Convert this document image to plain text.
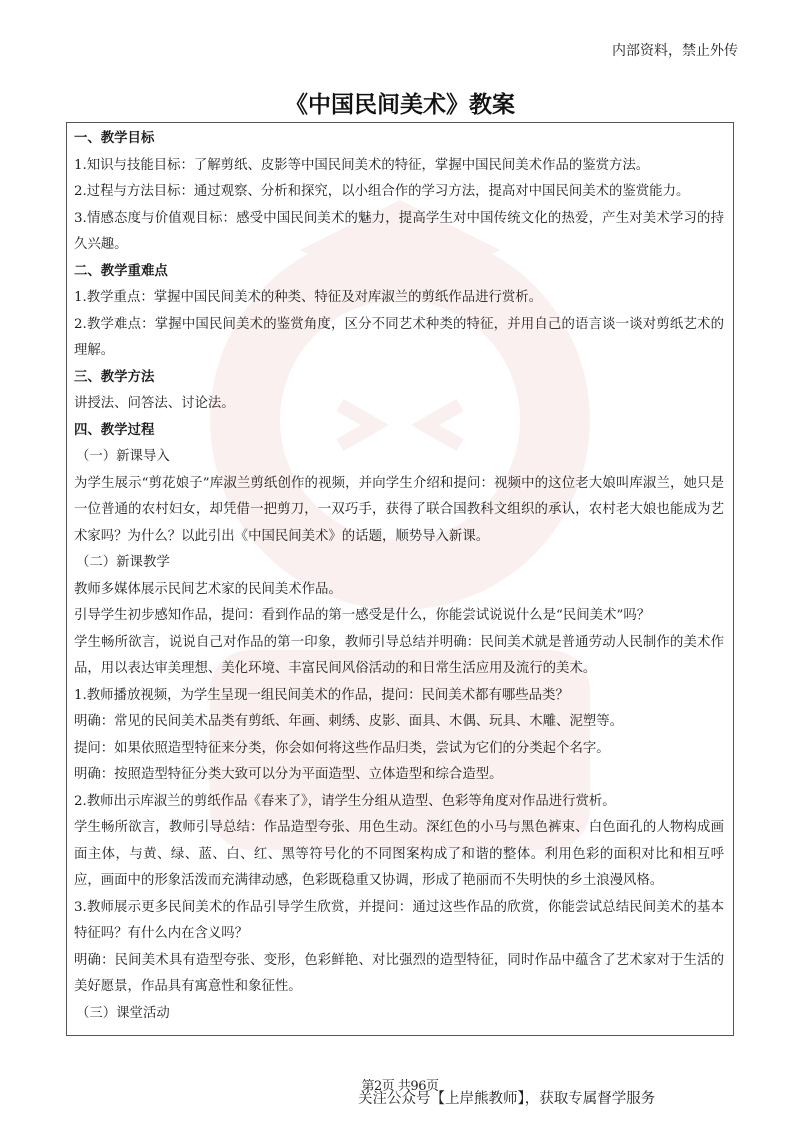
内部资料，禁止外传
《中国民间美术》教案

一、教学目标

1.知识与技能目标：了解剪纸、皮影等中国民间美术的特征，掌握中国民间美术作品的鉴赏方法。

2.过程与方法目标：通过观察、分析和探究，以小组合作的学习方法，提高对中国民间美术的鉴赏能力。

3.情感态度与价值观目标：感受中国民间美术的魅力，提高学生对中国传统文化的热爱，产生对美术学习的持久兴趣。

二、教学重难点

1.教学重点：掌握中国民间美术的种类、特征及对库淑兰的剪纸作品进行赏析。

2.教学难点：掌握中国民间美术的鉴赏角度，区分不同艺术种类的特征，并用自己的语言谈一谈对剪纸艺术的理解。

三、教学方法

讲授法、问答法、讨论法。

四、教学过程

（一）新课导入

为学生展示“剪花娘子”库淑兰剪纸创作的视频，并向学生介绍和提问：视频中的这位老大娘叫库淑兰，她只是一位普通的农村妇女，却凭借一把剪刀，一双巧手，获得了联合国教科文组织的承认，农村老大娘也能成为艺术家吗？为什么？以此引出《中国民间美术》的话题，顺势导入新课。

（二）新课教学

教师多媒体展示民间艺术家的民间美术作品。

引导学生初步感知作品，提问：看到作品的第一感受是什么，你能尝试说说什么是“民间美术”吗？

学生畅所欲言，说说自己对作品的第一印象，教师引导总结并明确：民间美术就是普通劳动人民制作的美术作品，用以表达审美理想、美化环境、丰富民间风俗活动的和日常生活应用及流行的美术。

1.教师播放视频，为学生呈现一组民间美术的作品，提问：民间美术都有哪些品类？

明确：常见的民间美术品类有剪纸、年画、刺绣、皮影、面具、木偶、玩具、木雕、泥塑等。

提问：如果依照造型特征来分类，你会如何将这些作品归类，尝试为它们的分类起个名字。

明确：按照造型特征分类大致可以分为平面造型、立体造型和综合造型。

2.教师出示库淑兰的剪纸作品《春来了》，请学生分组从造型、色彩等角度对作品进行赏析。

学生畅所欲言，教师引导总结：作品造型夸张、用色生动。深红色的小马与黑色裤束、白色面孔的人物构成画面主体，与黄、绿、蓝、白、红、黑等符号化的不同图案构成了和谐的整体。利用色彩的面积对比和相互呼应，画面中的形象活泼而充满律动感，色彩既稳重又协调，形成了艳丽而不失明快的乡土浪漫风格。

3.教师展示更多民间美术的作品引导学生欣赏，并提问：通过这些作品的欣赏，你能尝试总结民间美术的基本特征吗？有什么内在含义吗？

明确：民间美术具有造型夸张、变形，色彩鲜艳、对比强烈的造型特征，同时作品中蕴含了艺术家对于生活的美好愿景，作品具有寓意性和象征性。

（三）课堂活动

第2页 共96页
关注公众号【上岸熊教师】，获取专属督学服务
